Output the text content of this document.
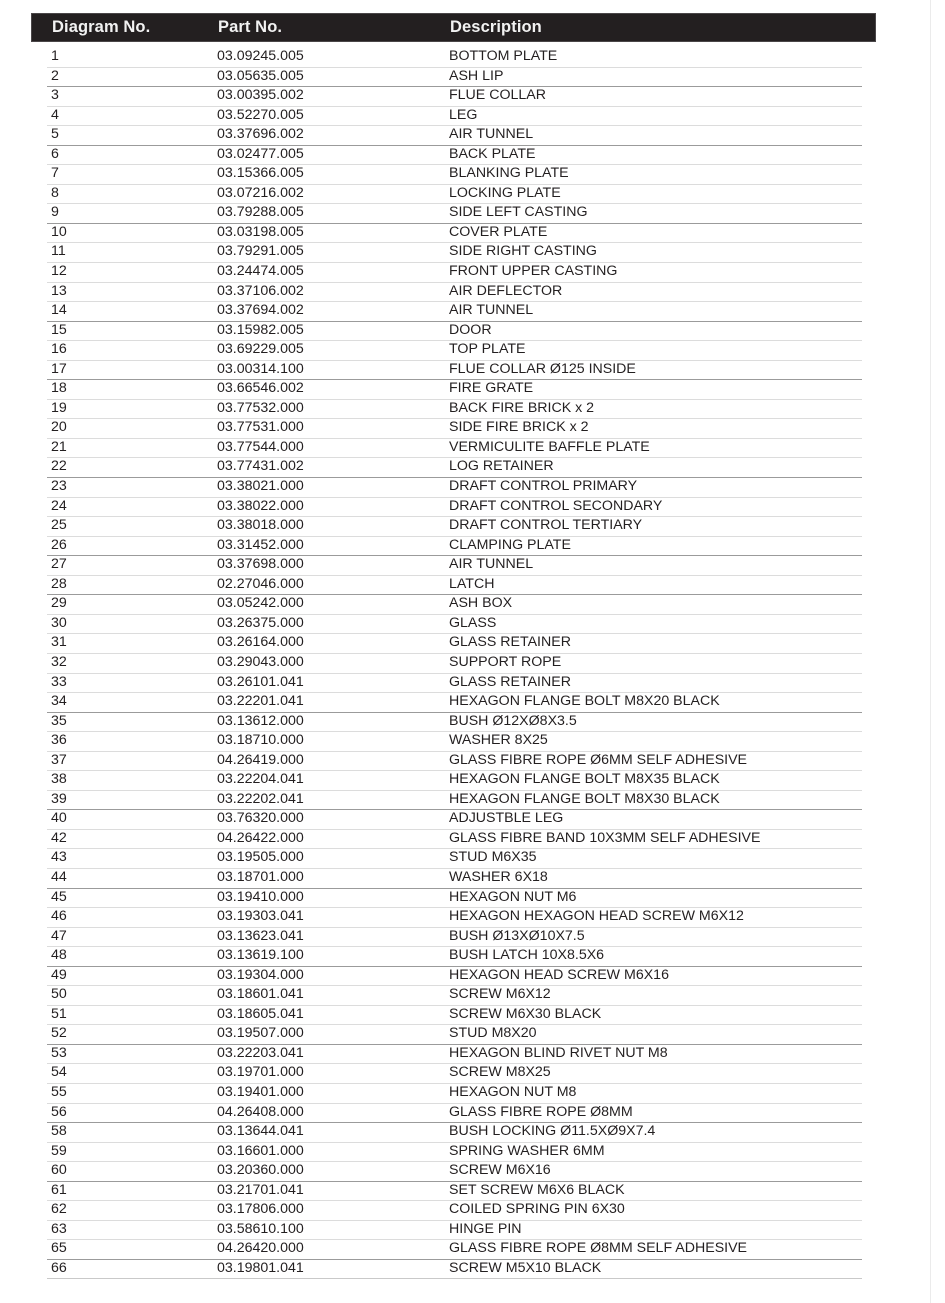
Diagram No.	Part No.	Description
1	03.09245.005	BOTTOM PLATE
2	03.05635.005	ASH LIP
3	03.00395.002	FLUE COLLAR
4	03.52270.005	LEG
5	03.37696.002	AIR TUNNEL
6	03.02477.005	BACK PLATE
7	03.15366.005	BLANKING PLATE
8	03.07216.002	LOCKING PLATE
9	03.79288.005	SIDE LEFT CASTING
10	03.03198.005	COVER PLATE
11	03.79291.005	SIDE RIGHT CASTING
12	03.24474.005	FRONT UPPER CASTING
13	03.37106.002	AIR DEFLECTOR
14	03.37694.002	AIR TUNNEL
15	03.15982.005	DOOR
16	03.69229.005	TOP PLATE
17	03.00314.100	FLUE COLLAR Ø125 INSIDE
18	03.66546.002	FIRE GRATE
19	03.77532.000	BACK FIRE BRICK x 2
20	03.77531.000	SIDE FIRE BRICK x 2
21	03.77544.000	VERMICULITE BAFFLE PLATE
22	03.77431.002	LOG RETAINER
23	03.38021.000	DRAFT CONTROL PRIMARY
24	03.38022.000	DRAFT CONTROL SECONDARY
25	03.38018.000	DRAFT CONTROL TERTIARY
26	03.31452.000	CLAMPING PLATE
27	03.37698.000	AIR TUNNEL
28	02.27046.000	LATCH
29	03.05242.000	ASH BOX
30	03.26375.000	GLASS
31	03.26164.000	GLASS RETAINER
32	03.29043.000	SUPPORT ROPE
33	03.26101.041	GLASS RETAINER
34	03.22201.041	HEXAGON FLANGE BOLT M8X20 BLACK
35	03.13612.000	BUSH Ø12XØ8X3.5
36	03.18710.000	WASHER 8X25
37	04.26419.000	GLASS FIBRE ROPE Ø6MM SELF ADHESIVE
38	03.22204.041	HEXAGON FLANGE BOLT M8X35 BLACK
39	03.22202.041	HEXAGON FLANGE BOLT M8X30 BLACK
40	03.76320.000	ADJUSTBLE LEG
42	04.26422.000	GLASS FIBRE BAND 10X3MM SELF ADHESIVE
43	03.19505.000	STUD M6X35
44	03.18701.000	WASHER 6X18
45	03.19410.000	HEXAGON NUT M6
46	03.19303.041	HEXAGON HEXAGON HEAD SCREW M6X12
47	03.13623.041	BUSH Ø13XØ10X7.5
48	03.13619.100	BUSH LATCH 10X8.5X6
49	03.19304.000	HEXAGON HEAD SCREW M6X16
50	03.18601.041	SCREW M6X12
51	03.18605.041	SCREW M6X30 BLACK
52	03.19507.000	STUD M8X20
53	03.22203.041	HEXAGON BLIND RIVET NUT M8
54	03.19701.000	SCREW M8X25
55	03.19401.000	HEXAGON NUT M8
56	04.26408.000	GLASS FIBRE ROPE Ø8MM
58	03.13644.041	BUSH LOCKING Ø11.5XØ9X7.4
59	03.16601.000	SPRING WASHER 6MM
60	03.20360.000	SCREW M6X16
61	03.21701.041	SET SCREW M6X6 BLACK
62	03.17806.000	COILED SPRING PIN 6X30
63	03.58610.100	HINGE PIN
65	04.26420.000	GLASS FIBRE ROPE Ø8MM SELF ADHESIVE
66	03.19801.041	SCREW M5X10 BLACK
